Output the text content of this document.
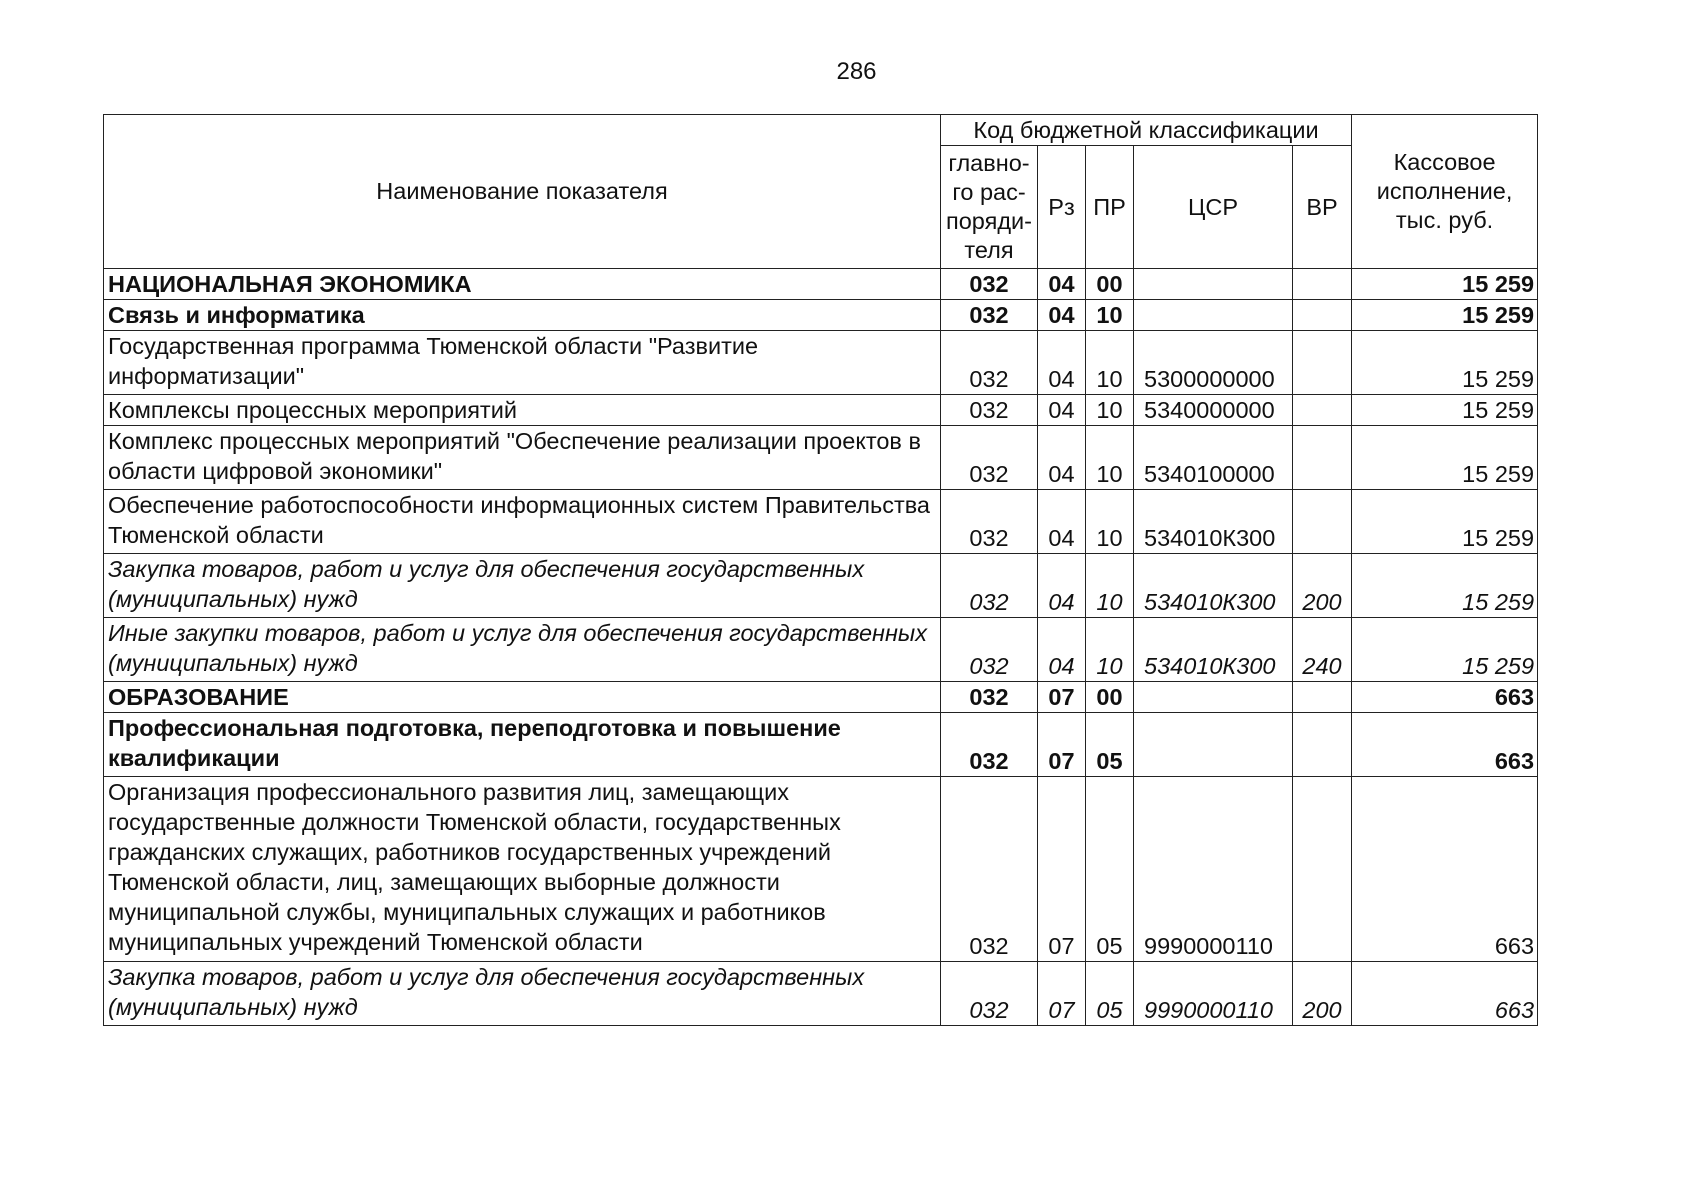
286
Наименование показателя	Код бюджетной классификации					Кассовое исполнение, тыс. руб.
	главно-го рас-поряди-теля	Рз	ПР	ЦСР	ВР	
НАЦИОНАЛЬНАЯ ЭКОНОМИКА	032	04	00			15 259
Связь и информатика	032	04	10			15 259
Государственная программа Тюменской области "Развитие информатизации"	032	04	10	5300000000		15 259
Комплексы процессных мероприятий	032	04	10	5340000000		15 259
Комплекс процессных мероприятий "Обеспечение реализации проектов в области цифровой экономики"	032	04	10	5340100000		15 259
Обеспечение работоспособности информационных систем Правительства Тюменской области	032	04	10	534010К300		15 259
Закупка товаров, работ и услуг для обеспечения государственных (муниципальных) нужд	032	04	10	534010К300	200	15 259
Иные закупки товаров, работ и услуг для обеспечения государственных (муниципальных) нужд	032	04	10	534010К300	240	15 259
ОБРАЗОВАНИЕ	032	07	00			663
Профессиональная подготовка, переподготовка и повышение квалификации	032	07	05			663
Организация профессионального развития лиц, замещающих государственные должности Тюменской области, государственных гражданских служащих, работников государственных учреждений Тюменской области, лиц, замещающих выборные должности муниципальной службы, муниципальных служащих и работников муниципальных учреждений Тюменской области	032	07	05	9990000110		663
Закупка товаров, работ и услуг для обеспечения государственных (муниципальных) нужд	032	07	05	9990000110	200	663
